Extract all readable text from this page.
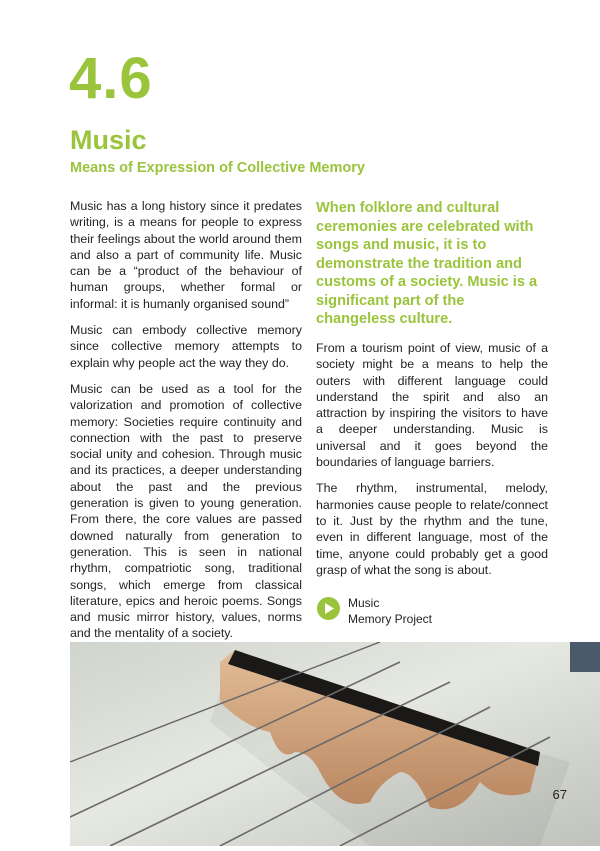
4.6
Music
Means of Expression of Collective Memory

Music has a long history since it predates writing, is a means for people to express their feelings about the world around them and also a part of community life. Music can be a “product of the behaviour of human groups, whether formal or informal: it is humanly organised sound”

Music can embody collective memory since collective memory attempts to explain why people act the way they do.

Music can be used as a tool for the valorization and promotion of collective memory: Societies require continuity and connection with the past to preserve social unity and cohesion. Through music and its practices, a deeper understanding about the past and the previous generation is given to young generation. From there, the core values are passed downed naturally from generation to generation. This is seen in national rhythm, compatriotic song, traditional songs, which emerge from classical literature, epics and heroic poems. Songs and music mirror history, values, norms and the mentality of a society.

When folklore and cultural ceremonies are celebrated with songs and music, it is to demonstrate the tradition and customs of a society. Music is a significant part of the changeless culture.

From a tourism point of view, music of a society might be a means to help the outers with different language could understand the spirit and also an attraction by inspiring the visitors to have a deeper understanding. Music is universal and it goes beyond the boundaries of language barriers.

The rhythm, instrumental, melody, harmonies cause people to relate/connect to it. Just by the rhythm and the tune, even in different language, most of the time, anyone could probably get a good grasp of what the song is about.

Music
Memory Project
67
